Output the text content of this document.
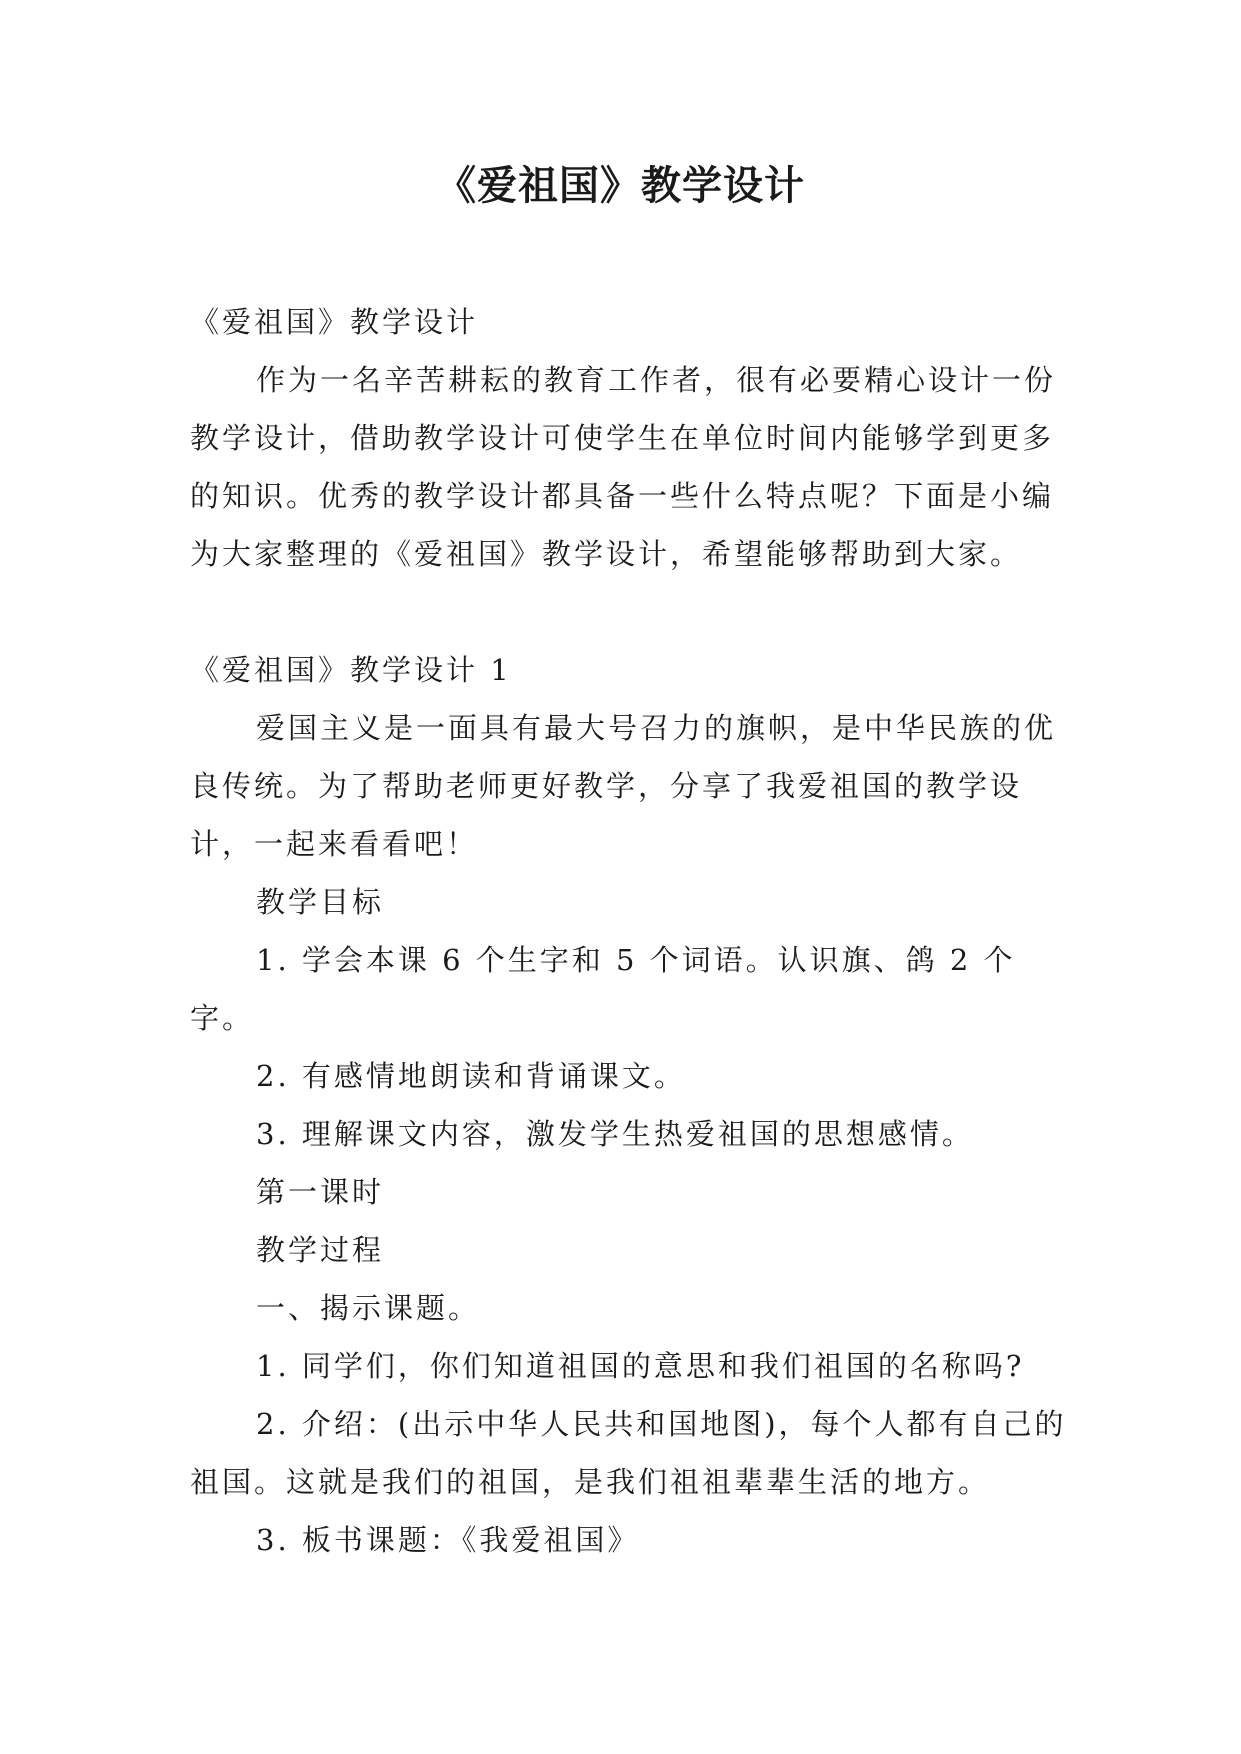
《爱祖国》教学设计

《爱祖国》教学设计

作为一名辛苦耕耘的教育工作者，很有必要精心设计一份教学设计，借助教学设计可使学生在单位时间内能够学到更多的知识。优秀的教学设计都具备一些什么特点呢？下面是小编为大家整理的《爱祖国》教学设计，希望能够帮助到大家。

《爱祖国》教学设计 1

爱国主义是一面具有最大号召力的旗帜，是中华民族的优良传统。为了帮助老师更好教学，分享了我爱祖国的教学设计，一起来看看吧！

教学目标

1. 学会本课 6 个生字和 5 个词语。认识旗、鸽 2 个字。

2. 有感情地朗读和背诵课文。

3. 理解课文内容，激发学生热爱祖国的思想感情。

第一课时

教学过程

一、揭示课题。

1. 同学们，你们知道祖国的意思和我们祖国的名称吗?

2. 介绍：(出示中华人民共和国地图)，每个人都有自己的祖国。这就是我们的祖国，是我们祖祖辈辈生活的地方。

3. 板书课题：《我爱祖国》
